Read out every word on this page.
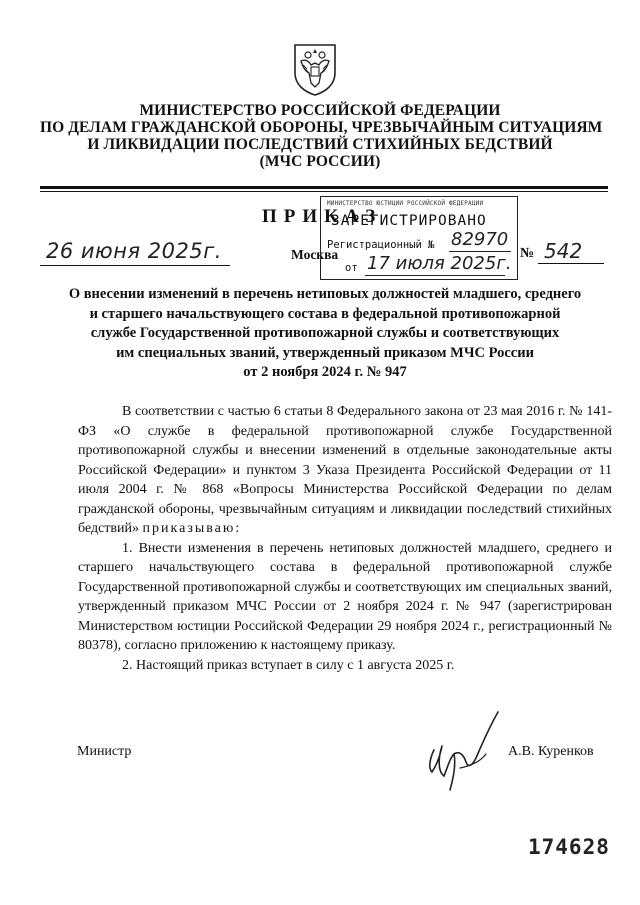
МИНИСТЕРСТВО РОССИЙСКОЙ ФЕДЕРАЦИИ
ПО ДЕЛАМ ГРАЖДАНСКОЙ ОБОРОНЫ, ЧРЕЗВЫЧАЙНЫМ СИТУАЦИЯМ
И ЛИКВИДАЦИИ ПОСЛЕДСТВИЙ СТИХИЙНЫХ БЕДСТВИЙ
(МЧС РОССИИ)
ПРИКАЗ
26 июня 2025г.	Москва	№ 542
МИНИСТЕРСТВО ЮСТИЦИИ РОССИЙСКОЙ ФЕДЕРАЦИИ
ЗАРЕГИСТРИРОВАНО
Регистрационный № 82970
от 17 июля 2025г.
О внесении изменений в перечень нетиповых должностей младшего, среднего
и старшего начальствующего состава в федеральной противопожарной
службе Государственной противопожарной службы и соответствующих
им специальных званий, утвержденный приказом МЧС России
от 2 ноября 2024 г. № 947

В соответствии с частью 6 статьи 8 Федерального закона от 23 мая 2016 г. № 141-ФЗ «О службе в федеральной противопожарной службе Государственной противопожарной службы и внесении изменений в отдельные законодательные акты Российской Федерации» и пунктом 3 Указа Президента Российской Федерации от 11 июля 2004 г. № 868 «Вопросы Министерства Российской Федерации по делам гражданской обороны, чрезвычайным ситуациям и ликвидации последствий стихийных бедствий» приказываю:

1. Внести изменения в перечень нетиповых должностей младшего, среднего и старшего начальствующего состава в федеральной противопожарной службе Государственной противопожарной службы и соответствующих им специальных званий, утвержденный приказом МЧС России от 2 ноября 2024 г. № 947 (зарегистрирован Министерством юстиции Российской Федерации 29 ноября 2024 г., регистрационный № 80378), согласно приложению к настоящему приказу.

2. Настоящий приказ вступает в силу с 1 августа 2025 г.

Министр	А.В. Куренков
174628
